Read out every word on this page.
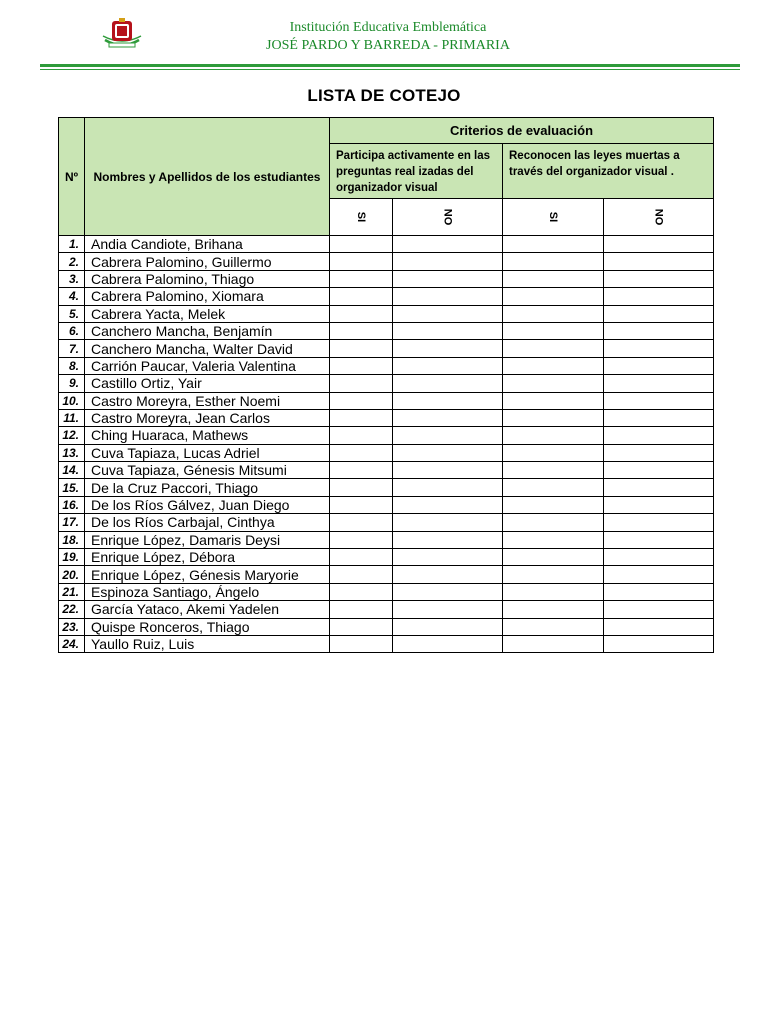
Institución Educativa Emblemática
JOSÉ PARDO Y BARREDA - PRIMARIA
LISTA DE COTEJO
Nº	Nombres y Apellidos de los estudiantes	Criterios de evaluación			
		Participa activamente en las preguntas real izadas del organizador visual		Reconocen las leyes muertas a través del organizador visual .	
		SI	NO	SI	NO
1.	Andia Candiote, Brihana				
2.	Cabrera Palomino, Guillermo				
3.	Cabrera Palomino, Thiago				
4.	Cabrera Palomino, Xiomara				
5.	Cabrera Yacta, Melek				
6.	Canchero Mancha, Benjamín				
7.	Canchero Mancha, Walter David				
8.	Carrión Paucar, Valeria Valentina				
9.	Castillo Ortiz, Yair				
10.	Castro Moreyra, Esther Noemi				
11.	Castro Moreyra, Jean Carlos				
12.	Ching Huaraca, Mathews				
13.	Cuva Tapiaza, Lucas Adriel				
14.	Cuva Tapiaza, Génesis Mitsumi				
15.	De la Cruz Paccori, Thiago				
16.	De los Ríos Gálvez, Juan Diego				
17.	De los Ríos Carbajal, Cinthya				
18.	Enrique López, Damaris Deysi				
19.	Enrique López, Débora				
20.	Enrique López, Génesis Maryorie				
21.	Espinoza Santiago, Ángelo				
22.	García Yataco, Akemi Yadelen				
23.	Quispe Ronceros, Thiago				
24.	Yaullo Ruiz, Luis				
